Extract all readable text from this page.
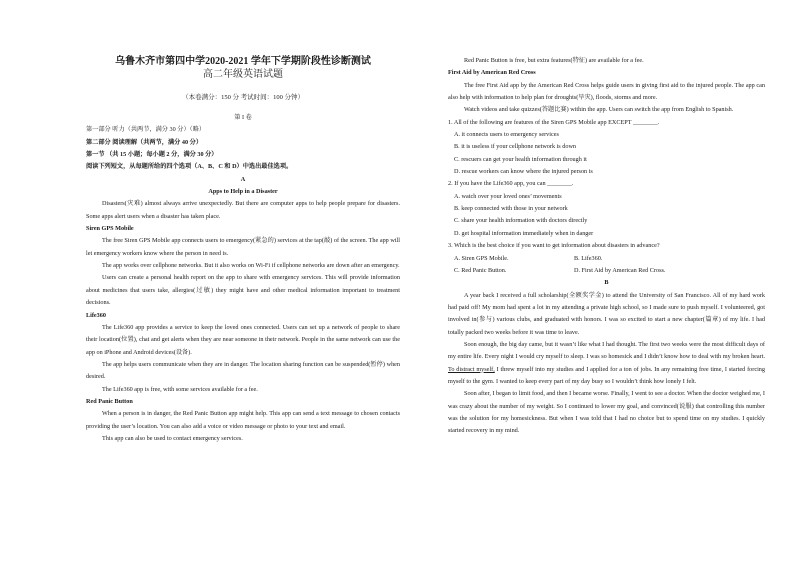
乌鲁木齐市第四中学2020-2021 学年下学期阶段性诊断测试

高二年级英语试题

（本卷满分：150 分 考试时间：100 分钟）

第 I 卷

第一部分 听力（共两节，满分 30 分）（略）

第二部分 阅读理解（共两节，满分 40 分）

第一节 （共 15 小题；每小题 2 分，满分 30 分）

阅读下列短文，从每题所给的四个选项（A、B、C 和 D）中选出最佳选项。

A

Apps to Help in a Disaster

Disasters(灾难) almost always arrive unexpectedly. But there are computer apps to help people prepare for disasters. Some apps alert users when a disaster has taken place.

Siren GPS Mobile

The free Siren GPS Mobile app connects users to emergency(紧急的) services at the tap(敲) of the screen. The app will let emergency workers know where the person in need is.

The app works over cellphone networks. But it also works on Wi-Fi if cellphone networks are down after an emergency.

Users can create a personal health report on the app to share with emergency services. This will provide information about medicines that users take, allergies(过敏) they might have and other medical information important to treatment decisions.

Life360

The Life360 app provides a service to keep the loved ones connected. Users can set up a network of people to share their location(位置), chat and get alerts when they are near someone in their network. People in the same network can use the app on iPhone and Android devices(设备).

The app helps users communicate when they are in danger. The location sharing function can be suspended(暂停) when desired.

The Life360 app is free, with some services available for a fee.

Red Panic Button

When a person is in danger, the Red Panic Button app might help. This app can send a text message to chosen contacts providing the user’s location. You can also add a voice or video message or photo to your text and email.

This app can also be used to contact emergency services.

Red Panic Button is free, but extra features(特征) are available for a fee.

First Aid by American Red Cross

The free First Aid app by the American Red Cross helps guide users in giving first aid to the injured people. The app can also help with information to help plan for droughts(旱灾), floods, storms and more.

Watch videos and take quizzes(答题比赛) within the app. Users can switch the app from English to Spanish.

1. All of the following are features of the Siren GPS Mobile app EXCEPT ________.

A. it connects users to emergency services

B. it is useless if your cellphone network is down

C. rescuers can get your health information through it

D. rescue workers can know where the injured person is

2. If you have the Life360 app, you can ________.

A. watch over your loved ones’ movements

B. keep connected with those in your network

C. share your health information with doctors directly

D. get hospital information immediately when in danger

3. Which is the best choice if you want to get information about disasters in advance?

A. Siren GPS Mobile.	B. Life360.
C. Red Panic Button.	D. First Aid by American Red Cross.

B

A year back I received a full scholarship(全额奖学金) to attend the University of San Francisco. All of my hard work had paid off! My mom had spent a lot in my attending a private high school, so I made sure to push myself. I volunteered, got involved in(参与) various clubs, and graduated with honors. I was so excited to start a new chapter(篇章) of my life. I had totally packed two weeks before it was time to leave.

Soon enough, the big day came, but it wasn’t like what I had thought. The first two weeks were the most difficult days of my entire life. Every night I would cry myself to sleep. I was so homesick and I didn’t know how to deal with my broken heart. To distract myself, I threw myself into my studies and I applied for a ton of jobs. In any remaining free time, I started forcing myself to the gym. I wanted to keep every part of my day busy so I wouldn’t think how lonely I felt.

Soon after, I began to limit food, and then I became worse. Finally, I went to see a doctor. When the doctor weighed me, I was crazy about the number of my weight. So I continued to lower my goal, and convinced(说服) that controlling this number was the solution for my homesickness. But when I was told that I had no choice but to spend time on my studies. I quickly started recovery in my mind.
